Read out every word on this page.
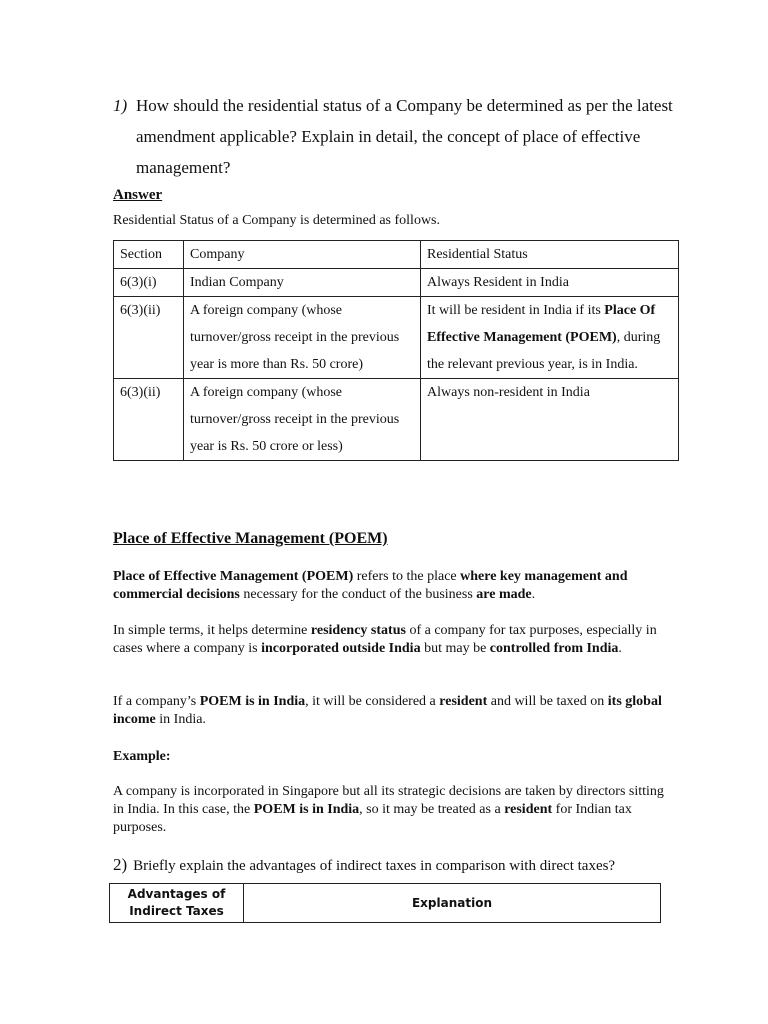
1) How should the residential status of a Company be determined as per the latest amendment applicable? Explain in detail, the concept of place of effective management?
Answer
Residential Status of a Company is determined as follows.
Section	Company	Residential Status
6(3)(i)	Indian Company	Always Resident in India
6(3)(ii)	A foreign company (whose turnover/gross receipt in the previous year is more than Rs. 50 crore)	It will be resident in India if its Place Of Effective Management (POEM), during the relevant previous year, is in India.
6(3)(ii)	A foreign company (whose turnover/gross receipt in the previous year is Rs. 50 crore or less)	Always non-resident in India
Place of Effective Management (POEM)
Place of Effective Management (POEM) refers to the place where key management and commercial decisions necessary for the conduct of the business are made.
In simple terms, it helps determine residency status of a company for tax purposes, especially in cases where a company is incorporated outside India but may be controlled from India.
If a company’s POEM is in India, it will be considered a resident and will be taxed on its global income in India.
Example:
A company is incorporated in Singapore but all its strategic decisions are taken by directors sitting in India. In this case, the POEM is in India, so it may be treated as a resident for Indian tax purposes.
2) Briefly explain the advantages of indirect taxes in comparison with direct taxes?
Advantages of
Indirect Taxes	Explanation
